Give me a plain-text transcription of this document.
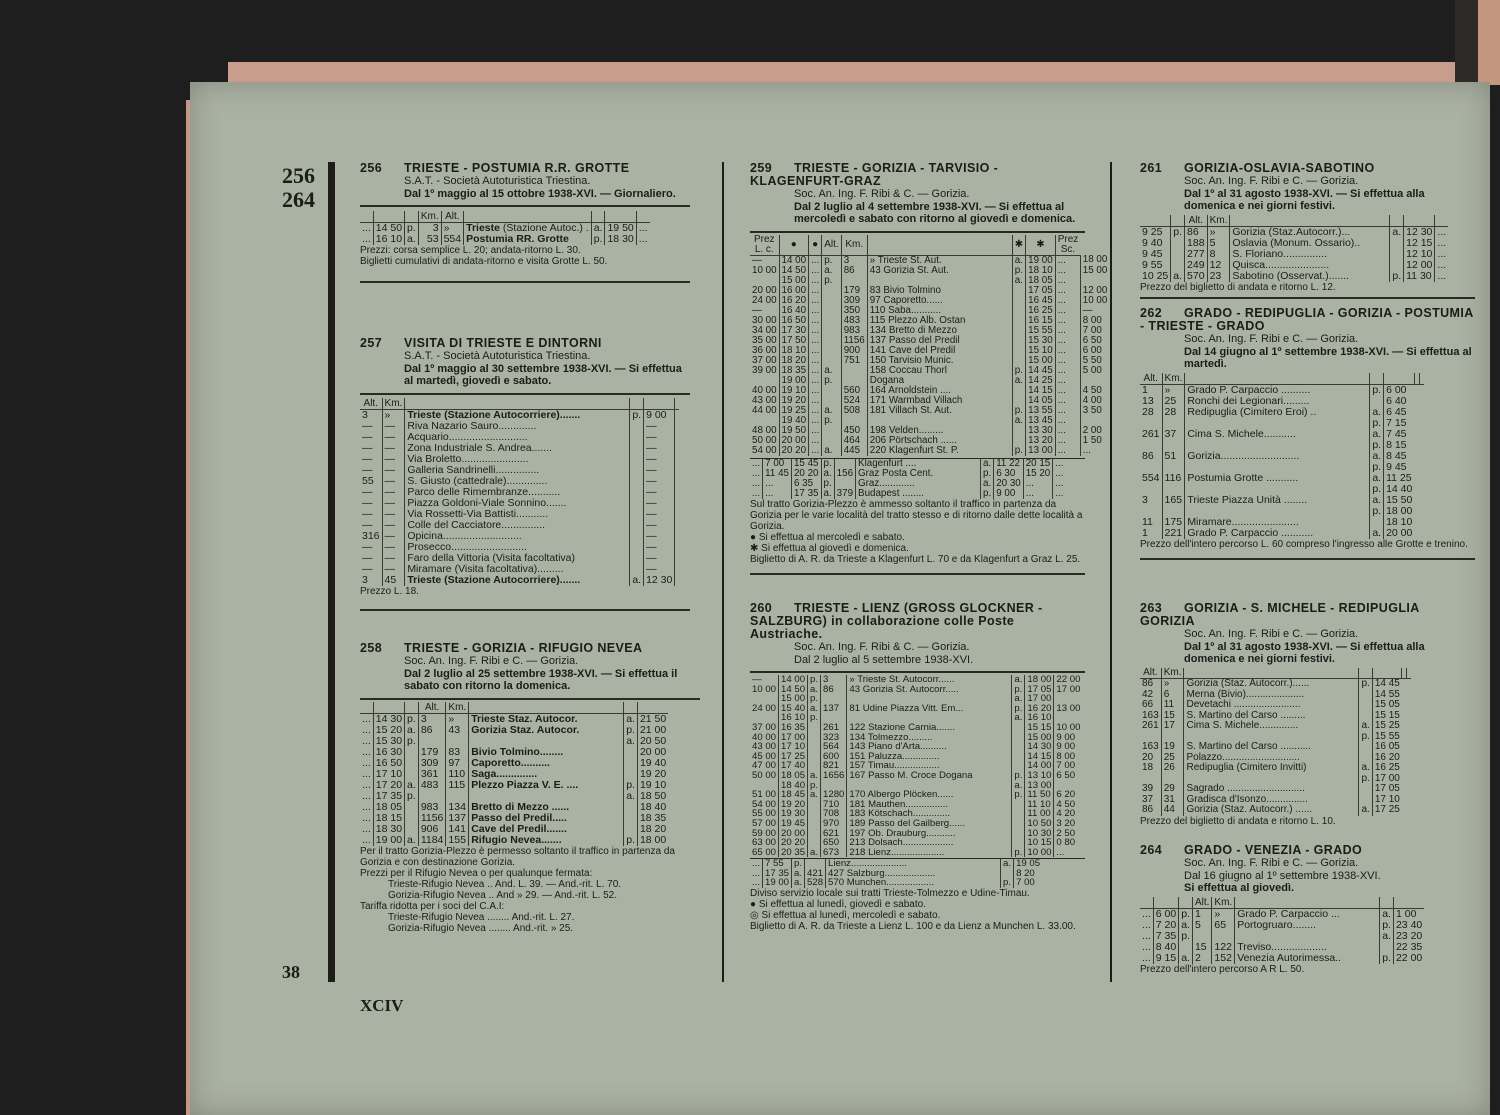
256
264
38
XCIV
256 TRIESTE - POSTUMIA R.R. GROTTE
S.A.T. - Società Autoturistica Triestina.
Dal 1º maggio al 15 ottobre 1938-XVI. — Giornaliero.
			Km.	Alt.				
...	14 50	p.	3	»	Trieste (Stazione Autoc.) .	a.	19 50	...
...	16 10	a.	53	554	Postumia RR. Grotte	p.	18 30	...
Prezzi: corsa semplice L. 20; andata-ritorno L. 30.
Biglietti cumulativi di andata-ritorno e visita Grotte L. 50.
257 VISITA DI TRIESTE E DINTORNI
S.A.T. - Società Autoturistica Triestina.
Dal 1º maggio al 30 settembre 1938-XVI. — Si effettua al martedì, giovedì e sabato.
Alt.	Km.				
3	»	Trieste (Stazione Autocorriere).......	p.	9 00	
—	—	Riva Nazario Sauro.............		—	
—	—	Acquario...........................		—	
—	—	Zona Industriale S. Andrea.......		—	
—	—	Via Broletto.......................		—	
—	—	Galleria Sandrinelli...............		—	
55	—	S. Giusto (cattedrale)..............		—	
—	—	Parco delle Rimembranze...........		—	
—	—	Piazza Goldoni-Viale Sonnino.......		—	
—	—	Via Rossetti-Via Battisti...........		—	
—	—	Colle del Cacciatore...............		—	
316	—	Opicina...........................		—	
—	—	Prosecco..........................		—	
—	—	Faro della Vittoria (Visita facoltativa)		—	
—	—	Miramare (Visita facoltativa).........		—	
3	45	Trieste (Stazione Autocorriere).......	a.	12 30	
Prezzo L. 18.
258 TRIESTE - GORIZIA - RIFUGIO NEVEA
Soc. An. Ing. F. Ribi e C. — Gorizia.
Dal 2 luglio al 25 settembre 1938-XVI. — Si effettua il sabato con ritorno la domenica.
			Alt.	Km.			
...	14 30	p.	3	»	Trieste Staz. Autocor.	a.	21 50
...	15 20	a.	86	43	Gorizia Staz. Autocor.	p.	21 00
...	15 30	p.				a.	20 50
...	16 30		179	83	Bivio Tolmino........		20 00
...	16 50		309	97	Caporetto..........		19 40
...	17 10		361	110	Saga..............		19 20
...	17 20	a.	483	115	Plezzo Piazza V. E. ....	p.	19 10
...	17 35	p.				a.	18 50
...	18 05		983	134	Bretto di Mezzo ......		18 40
...	18 15		1156	137	Passo del Predil.....		18 35
...	18 30		906	141	Cave del Predil.......		18 20
...	19 00	a.	1184	155	Rifugio Nevea.......	p.	18 00
Per il tratto Gorizia-Plezzo è permesso soltanto il traffico in partenza da Gorizia e con destinazione Gorizia.
Prezzi per il Rifugio Nevea o per qualunque fermata:
Trieste-Rifugio Nevea .. And. L. 39. — And.-rit. L. 70.
Gorizia-Rifugio Nevea .. And » 29. — And.-rit. L. 52.
Tariffa ridotta per i soci del C.A.I:
Trieste-Rifugio Nevea ........ And.-rit. L. 27.
Gorizia-Rifugio Nevea ........ And.-rit. » 25.
259 TRIESTE - GORIZIA - TARVISIO - KLAGENFURT-GRAZ
Soc. An. Ing. F. Ribi & C. — Gorizia.
Dal 2 luglio al 4 settembre 1938-XVI. — Si effettua al mercoledì e sabato con ritorno al giovedì e domenica.
Prez L. c.	●	●	Alt.	Km.		✱	✱	Prez Sc.	
—	14 00	...	p.	3	» Trieste St. Aut.	a.	19 00	...	18 00
10 00	14 50	...	a.	86	43 Gorizia St. Aut.	p.	18 10	...	15 00
	15 00	...	p.			a.	18 05	...	
20 00	16 00	...		179	83 Bivio Tolmino		17 05	...	12 00
24 00	16 20	...		309	97 Caporetto......		16 45	...	10 00
—	16 40	...		350	110 Saba...........		16 25	...	—
30 00	16 50	...		483	115 Plezzo Alb. Ostan		16 15	...	8 00
34 00	17 30	...		983	134 Bretto di Mezzo		15 55	...	7 00
35 00	17 50	...		1156	137 Passo del Predil		15 30	...	6 50
36 00	18 10	...		900	141 Cave del Predil		15 10	...	6 00
37 00	18 20	...		751	150 Tarvisio Munic.		15 00	...	5 50
39 00	18 35	...	a.		158 Coccau Thorl	p.	14 45	...	5 00
	19 00	...	p.		Dogana	a.	14 25	...	
40 00	19 10	...		560	164 Arnoldstein ....		14 15	...	4 50
43 00	19 20	...		524	171 Warmbad Villach		14 05	...	4 00
44 00	19 25	...	a.	508	181 Villach St. Aut.	p.	13 55	...	3 50
	19 40	...	p.			a.	13 45	...	
48 00	19 50	...		450	198 Velden.........		13 30	...	2 00
50 00	20 00	...		464	206 Pörtschach ......		13 20	...	1 50
54 00	20 20	...	a.	445	220 Klagenfurt St. P.	p.	13 00	...	...
...	7 00	15 45	p.		Klagenfurt ....	a.	11 22	20 15	...
...	11 45	20 20	a.	156	Graz Posta Cent.	p.	6 30	15 20	...
...	...	6 35	p.		Graz.............	a.	20 30	...	...
...	...	17 35	a.	379	Budapest ........	p.	9 00	...	...
Sul tratto Gorizia-Plezzo è ammesso soltanto il traffico in partenza da Gorizia per le varie località del tratto stesso e di ritorno dalle dette località a Gorizia.
● Si effettua al mercoledì e sabato.
✱ Si effettua al giovedì e domenica.
Biglietto di A. R. da Trieste a Klagenfurt L. 70 e da Klagenfurt a Graz L. 25.
260 TRIESTE - LIENZ (GROSS GLOCKNER - SALZBURG) in collaborazione colle Poste Austriache.
Soc. An. Ing. F. Ribi & C. — Gorizia.
Dal 2 luglio al 5 settembre 1938-XVI.
—	14 00	p.	3	» Trieste St. Autocorr......	a.	18 00	22 00
10 00	14 50	a.	86	43 Gorizia St. Autocorr.....	p.	17 05	17 00
	15 00	p.			a.	17 00	
24 00	15 40	a.	137	81 Udine Piazza Vitt. Em...	p.	16 20	13 00
	16 10	p.			a.	16 10	
37 00	16 35		261	122 Stazione Carnia.......		15 15	10 00
40 00	17 00		323	134 Tolmezzo.........		15 00	9 00
43 00	17 10		564	143 Piano d'Arta..........		14 30	9 00
45 00	17 25		600	151 Paluzza..............		14 15	8 00
47 00	17 40		821	157 Timau.................		14 00	7 00
50 00	18 05	a.	1656	167 Passo M. Croce Dogana	p.	13 10	6 50
	18 40	p.			a.	13 00	
51 00	18 45	a.	1280	170 Albergo Plöcken......	p.	11 50	6 20
54 00	19 20		710	181 Mauthen................		11 10	4 50
55 00	19 30		708	183 Kötschach..............		11 00	4 20
57 00	19 45		970	189 Passo del Gailberg......		10 50	3 20
59 00	20 00		621	197 Ob. Drauburg...........		10 30	2 50
63 00	20 20		650	213 Dolsach...................		10 15	0 80
65 00	20 35	a.	673	218 Lienz....................	p.	10 00	...
...	7 55	p.		Lienz.....................	a.	19 05
...	17 35	a.	421	427 Salzburg...................		8 20
...	19 00	a.	528	570 Munchen..................	p.	7 00
Diviso servizio locale sui tratti Trieste-Tolmezzo e Udine-Timau.
● Si effettua al lunedì, giovedì e sabato.
◎ Si effettua al lunedì, mercoledì e sabato.
Biglietto di A. R. da Trieste a Lienz L. 100 e da Lienz a Munchen L. 33.00.
261 GORIZIA-OSLAVIA-SABOTINO
Soc. An. Ing. F. Ribi e C. — Gorizia.
Dal 1º al 31 agosto 1938-XVI. — Si effettua alla domenica e nei giorni festivi.
		Alt.	Km.				
9 25	p.	86	»	Gorizia (Staz.Autocorr.)...	a.	12 30	...
9 40		188	5	Oslavia (Monum. Ossario)..		12 15	...
9 45		277	8	S. Floriano...............		12 10	...
9 55		249	12	Quisca......................		12 00	...
10 25	a.	570	23	Sabotino (Osservat.).......	p.	11 30	...
Prezzo del biglietto di andata e ritorno L. 12.
262 GRADO - REDIPUGLIA - GORIZIA - POSTUMIA - TRIESTE - GRADO
Soc. An. Ing. F. Ribi e C. — Gorizia.
Dal 14 giugno al 1º settembre 1938-XVI. — Si effettua al martedì.
Alt.	Km.					
1	»	Grado P. Carpaccio ..........	p.	6 00		
13	25	Ronchi dei Legionari.........		6 40		
28	28	Redipuglia (Cimitero Eroi) ..	a.	6 45		
			p.	7 15		
261	37	Cima S. Michele...........	a.	7 45		
			p.	8 15		
86	51	Gorizia...........................	a.	8 45		
			p.	9 45		
554	116	Postumia Grotte ...........	a.	11 25		
			p.	14 40		
3	165	Trieste Piazza Unità ........	a.	15 50		
			p.	18 00		
11	175	Miramare.......................		18 10		
1	221	Grado P. Carpaccio ...........	a.	20 00		
Prezzo dell'intero percorso L. 60 compreso l'ingresso alle Grotte e trenino.
263 GORIZIA - S. MICHELE - REDIPUGLIA GORIZIA
Soc. An. Ing. F. Ribi e C. — Gorizia.
Dal 1º al 31 agosto 1938-XVI. — Si effettua alla domenica e nei giorni festivi.
Alt.	Km.					
86	»	Gorizia (Staz. Autocorr.)......	p.	14 45		
42	6	Merna (Bivio).....................		14 55		
66	11	Devetachi ........................		15 05		
163	15	S. Martino del Carso .........		15 15		
261	17	Cima S. Michele..............	a.	15 25		
			p.	15 55		
163	19	S. Martino del Carso ...........		16 05		
20	25	Polazzo............................		16 20		
18	26	Redipuglia (Cimitero Invitti)	a.	16 25		
			p.	17 00		
39	29	Sagrado ............................		17 05		
37	31	Gradisca d'Isonzo...............		17 10		
86	44	Gorizia (Staz. Autocorr.) ......	a.	17 25		
Prezzo del biglietto di andata e ritorno L. 10.
264 GRADO - VENEZIA - GRADO
Soc. An. Ing. F. Ribi e C. — Gorizia.
Dal 16 giugno al 1º settembre 1938-XVI.
Si effettua al giovedì.
			Alt.	Km.			
...	6 00	p.	1	»	Grado P. Carpaccio ...	a.	1 00
...	7 20	a.	5	65	Portogruaro........	p.	23 40
...	7 35	p.				a.	23 20
...	8 40		15	122	Treviso...................		22 35
...	9 15	a.	2	152	Venezia Autorimessa..	p.	22 00
Prezzo dell'intero percorso A R L. 50.
